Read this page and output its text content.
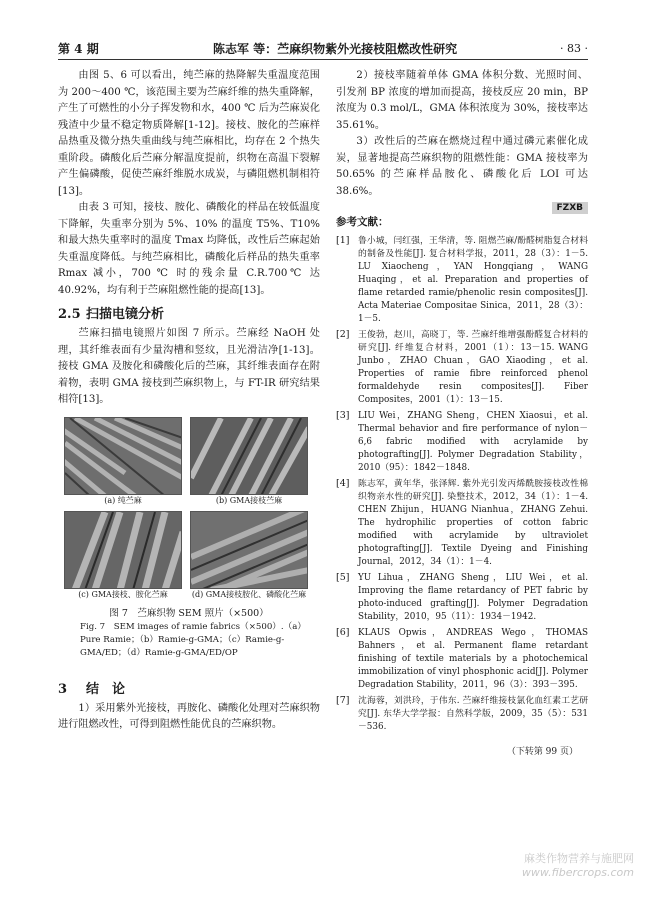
第 4 期	陈志军 等：苎麻织物紫外光接枝阻燃改性研究	· 83 ·

由图 5、6 可以看出，纯苎麻的热降解失重温度范围为 200～400 ℃，该范围主要为苎麻纤维的热失重降解，产生了可燃性的小分子挥发物和水，400 ℃ 后为苎麻炭化残渣中少量不稳定物质降解[1-12]。接枝、胺化的苎麻样品热重及微分热失重曲线与纯苎麻相比，均存在 2 个热失重阶段。磷酸化后苎麻分解温度提前，织物在高温下裂解产生偏磷酸，促使苎麻纤维脱水成炭，与磷阻燃机制相符[13]。

由表 3 可知，接枝、胺化、磷酸化的样品在较低温度下降解，失重率分别为 5%、10% 的温度 T5%、T10% 和最大热失重率时的温度 Tmax 均降低，改性后苎麻起始失重温度降低。与纯苎麻相比，磷酸化后样品的热失重率 Rmax 减小，700 ℃ 时的残余量 C.R.700℃ 达 40.92%，均有利于苎麻阻燃性能的提高[13]。

2.5 扫描电镜分析

苎麻扫描电镜照片如图 7 所示。苎麻经 NaOH 处理，其纤维表面有少量沟槽和竖纹，且光滑洁净[1-13]。接枝 GMA 及胺化和磷酸化后的苎麻，其纤维表面存在附着物，表明 GMA 接枝到苎麻织物上，与 FT-IR 研究结果相符[13]。

(a) 纯苎麻	(b) GMA接枝苎麻
(c) GMA接枝、胺化苎麻	(d) GMA接枝胺化、磷酸化苎麻
图 7　苎麻织物 SEM 照片（×500）
Fig. 7　SEM images of ramie fabrics（×500）.（a）Pure Ramie；（b）Ramie-g-GMA；（c）Ramie-g-GMA/ED；（d）Ramie-g-GMA/ED/OP
3 结　论

1）采用紫外光接枝，再胺化、磷酸化处理对苎麻织物进行阻燃改性，可得到阻燃性能优良的苎麻织物。

2）接枝率随着单体 GMA 体积分数、光照时间、引发剂 BP 浓度的增加而提高，接枝反应 20 min，BP 浓度为 0.3 mol/L，GMA 体积浓度为 30%，接枝率达 35.61%。

3）改性后的苎麻在燃烧过程中通过磷元素催化成炭，显著地提高苎麻织物的阻燃性能：GMA 接枝率为 50.65% 的苎麻样品胺化、磷酸化后 LOI 可达 38.6%。

FZXB
参考文献：
[1] 鲁小城，闫红强，王华清，等. 阻燃苎麻/酚醛树脂复合材料的制备及性能[J]. 复合材料学报，2011，28（3）：1－5. LU Xiaocheng，YAN Hongqiang，WANG Huaqing，et al. Preparation and properties of flame retarded ramie/phenolic resin composites[J]. Acta Materiae Compositae Sinica，2011，28（3）：1－5.
[2] 王俊勃，赵川，高晓丁，等. 苎麻纤维增强酚醛复合材料的研究[J]. 纤维复合材料，2001（1）：13－15. WANG Junbo，ZHAO Chuan，GAO Xiaoding，et al. Properties of ramie fibre reinforced phenol formaldehyde resin composites[J]. Fiber Composites，2001（1）：13－15.
[3] LIU Wei，ZHANG Sheng，CHEN Xiaosui，et al. Thermal behavior and fire performance of nylon－6,6 fabric modified with acrylamide by photografting[J]. Polymer Degradation Stability，2010（95）：1842－1848.
[4] 陈志军，黄年华，张泽辉. 紫外光引发丙烯酰胺接枝改性棉织物亲水性的研究[J]. 染整技术，2012，34（1）：1－4. CHEN Zhijun，HUANG Nianhua，ZHANG Zehui. The hydrophilic properties of cotton fabric modified with acrylamide by ultraviolet photografting[J]. Textile Dyeing and Finishing Journal，2012，34（1）：1－4.
[5] YU Lihua，ZHANG Sheng，LIU Wei，et al. Improving the flame retardancy of PET fabric by photo-induced grafting[J]. Polymer Degradation Stability，2010，95（11）：1934－1942.
[6] KLAUS Opwis，ANDREAS Wego，THOMAS Bahners，et al. Permanent flame retardant finishing of textile materials by a photochemical immobilization of vinyl phosphonic acid[J]. Polymer Degradation Stability，2011，96（3）：393－395.
[7] 沈海蓉，刘洪玲，于伟东. 苎麻纤维接枝氯化血红素工艺研究[J]. 东华大学学报：自然科学版，2009，35（5）：531－536.
（下转第 99 页）
麻类作物营养与施肥网
www.fibercrops.com
